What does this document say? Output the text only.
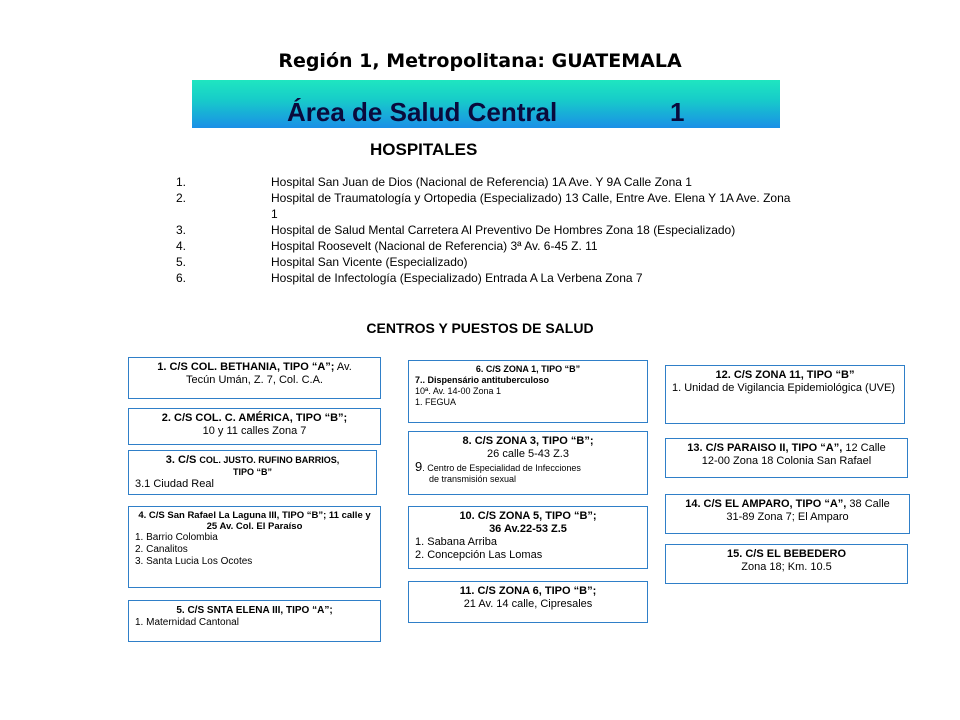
Región 1, Metropolitana: GUATEMALA
Área de Salud Central	1
HOSPITALES
1.	Hospital San Juan de Dios (Nacional de Referencia) 1A Ave. Y 9A Calle Zona 1
2.	Hospital de Traumatología y Ortopedia (Especializado) 13 Calle, Entre Ave. Elena Y 1A Ave. Zona 1
3.	Hospital de Salud Mental Carretera Al Preventivo De Hombres Zona 18 (Especializado)
4.	Hospital Roosevelt (Nacional de Referencia) 3ª Av. 6-45 Z. 11
5.	Hospital San Vicente (Especializado)
6.	Hospital de Infectología (Especializado) Entrada A La Verbena Zona 7
CENTROS Y PUESTOS DE SALUD
1. C/S COL. BETHANIA, TIPO “A”; Av.
Tecún Umán, Z. 7, Col. C.A.
2. C/S COL. C. AMÉRICA, TIPO “B”;
10 y 11 calles Zona 7
3. C/S COL. JUSTO. RUFINO BARRIOS,
TIPO “B”
3.1 Ciudad Real
4. C/S San Rafael La Laguna III, TIPO “B”; 11 calle y 25 Av. Col. El Paraíso
1. Barrio Colombia
2. Canalitos
3. Santa Lucia Los Ocotes
5. C/S SNTA ELENA III, TIPO “A”;
1. Maternidad Cantonal
6. C/S ZONA 1, TIPO “B”
7.. Dispensário antituberculoso
10ª. Av. 14-00 Zona 1
1. FEGUA
8. C/S ZONA 3, TIPO “B”;
26 calle 5-43 Z.3
9. Centro de Especialidad de Infecciones
de transmisión sexual
10. C/S ZONA 5, TIPO “B”;
36 Av.22-53 Z.5
1. Sabana Arriba
2. Concepción Las Lomas
11. C/S ZONA 6, TIPO “B”;
21 Av. 14 calle, Cipresales
12. C/S ZONA 11, TIPO “B”
1. Unidad de Vigilancia Epidemiológica (UVE)
13. C/S PARAISO II, TIPO “A”, 12 Calle
12-00 Zona 18 Colonia San Rafael
14. C/S EL AMPARO, TIPO “A”, 38 Calle
31-89 Zona 7; El Amparo
15. C/S EL BEBEDERO
Zona 18; Km. 10.5
